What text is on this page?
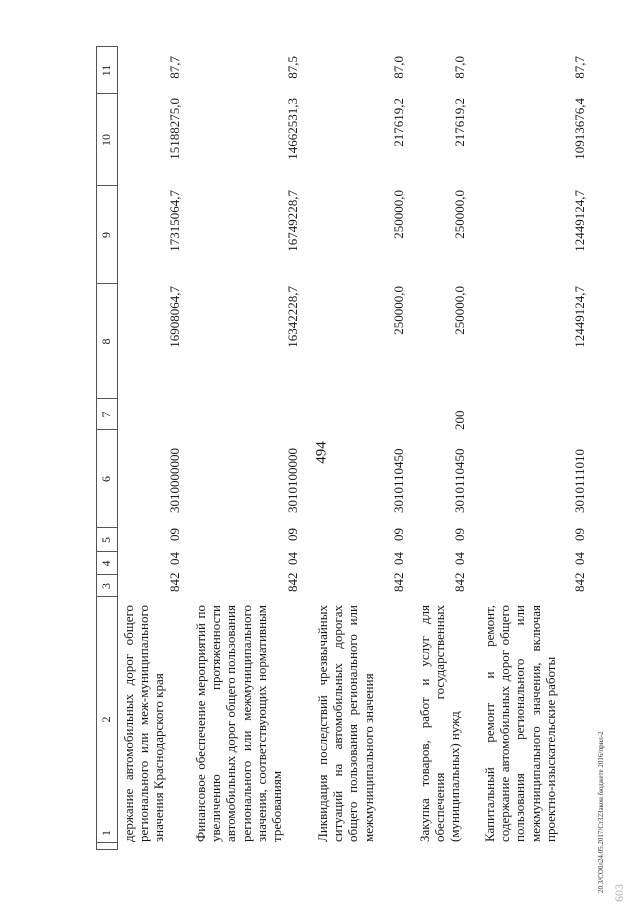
494
1
2
3
4
5
6
7
8
9
10
11
держание автомобильных дорог общего регионального или меж-муниципального значения Краснодарского края
842
04
09
3010000000
16908064,7
17315064,7
15188275,0
87,7
Финансовое обеспечение мероприятий по увеличению протяженности автомобильных дорог общего пользования регионального или межмуниципального значения, соответствующих нормативным требованиям
842
04
09
3010100000
16342228,7
16749228,7
14662531,3
87,5
Ликвидация последствий чрезвычайных ситуаций на автомобильных дорогах общего пользования регионального или межмуниципального значения
842
04
09
3010110450
250000,0
250000,0
217619,2
87,0
Закупка товаров, работ и услуг для обеспечения государственных (муниципальных) нужд
842
04
09
3010110450
200
250000,0
250000,0
217619,2
87,0
Капитальный ремонт и ремонт, содержание автомобильных дорог общего пользования регионального или межмуниципального значения, включая проектно-изыскательские работы
842
04
09
3010111010
12449124,7
12449124,7
10913676,4
87,7
20.3/СО0л24.05.2017/СтЗ2Закон бюджете 2016/прил-2 603
